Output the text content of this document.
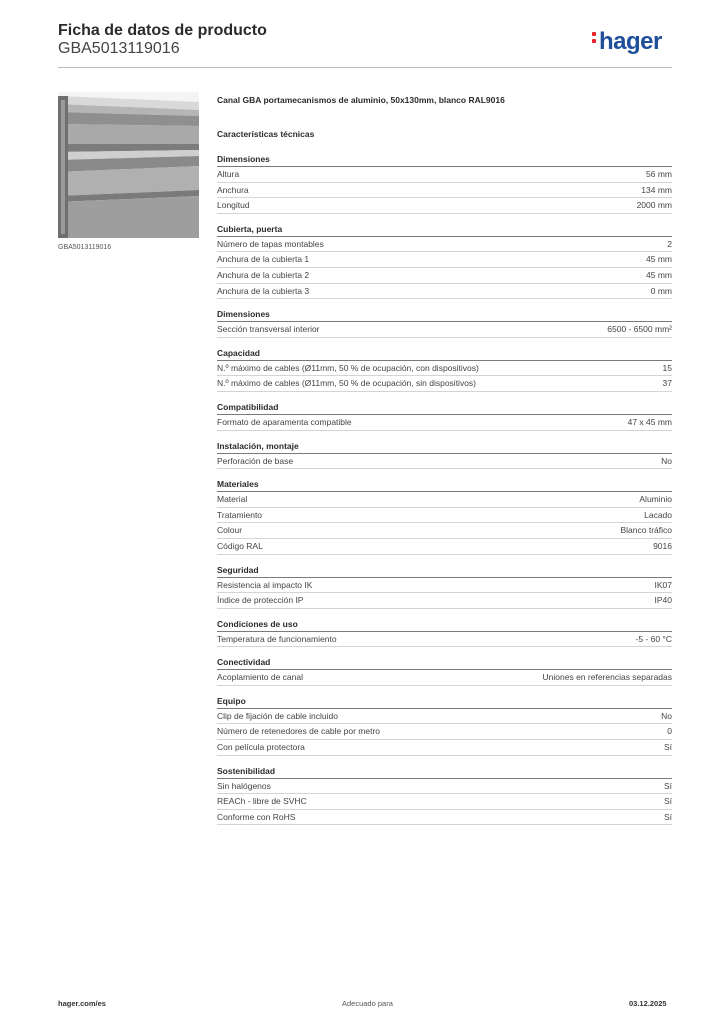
Ficha de datos de producto
GBA5013119016	hager
GBA5013119016
Canal GBA portamecanismos de aluminio, 50x130mm, blanco RAL9016
Características técnicas
Dimensiones
Altura	56 mm
Anchura	134 mm
Longitud	2000 mm
Cubierta, puerta
Número de tapas montables	2
Anchura de la cubierta 1	45 mm
Anchura de la cubierta 2	45 mm
Anchura de la cubierta 3	0 mm
Dimensiones
Sección transversal interior	6500 - 6500 mm²
Capacidad
N.º máximo de cables (Ø11mm, 50 % de ocupación, con dispositivos)	15
N.º máximo de cables (Ø11mm, 50 % de ocupación, sin dispositivos)	37
Compatibilidad
Formato de aparamenta compatible	47 x 45 mm
Instalación, montaje
Perforación de base	No
Materiales
Material	Aluminio
Tratamiento	Lacado
Colour	Blanco tráfico
Código RAL	9016
Seguridad
Resistencia al impacto IK	IK07
Índice de protección IP	IP40
Condiciones de uso
Temperatura de funcionamiento	-5 - 60 °C
Conectividad
Acoplamiento de canal	Uniones en referencias separadas
Equipo
Clip de fijación de cable incluido	No
Número de retenedores de cable por metro	0
Con película protectora	Sí
Sostenibilidad
Sin halógenos	Sí
REACh - libre de SVHC	Sí
Conforme con RoHS	Sí
hager.com/es	Adecuado para	03.12.2025
